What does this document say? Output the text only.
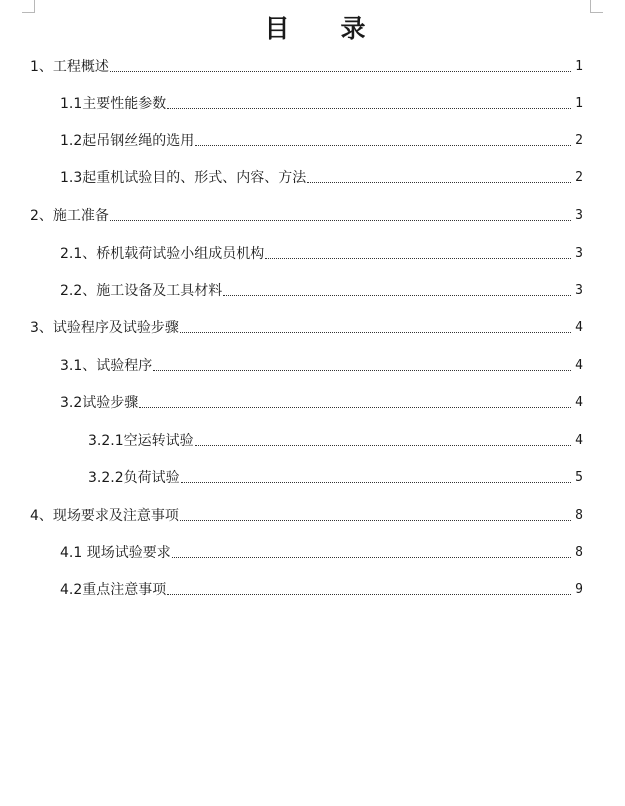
目 录
1、工程概述	1
1.1主要性能参数	1
1.2起吊钢丝绳的选用	2
1.3起重机试验目的、形式、内容、方法	2
2、施工准备	3
2.1、桥机载荷试验小组成员机构	3
2.2、施工设备及工具材料	3
3、试验程序及试验步骤	4
3.1、试验程序	4
3.2试验步骤	4
3.2.1空运转试验	4
3.2.2负荷试验	5
4、现场要求及注意事项	8
4.1 现场试验要求	8
4.2重点注意事项	9
